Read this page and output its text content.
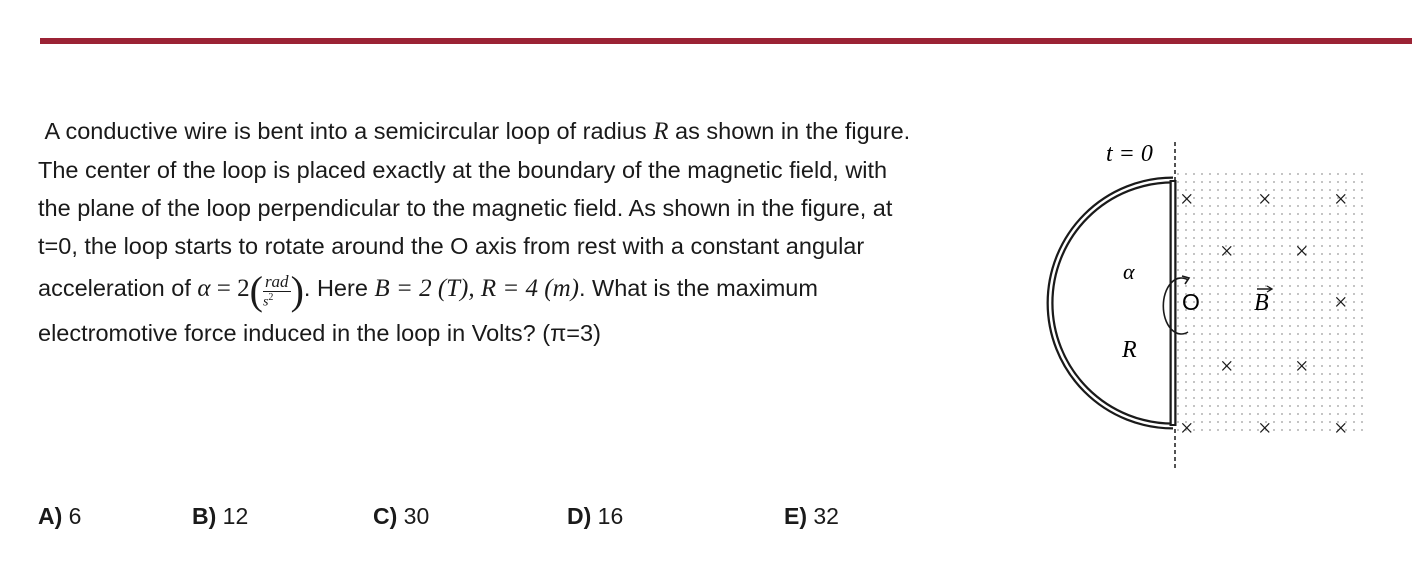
A conductive wire is bent into a semicircular loop of radius R as shown in the figure.

The center of the loop is placed exactly at the boundary of the magnetic field, with

the plane of the loop perpendicular to the magnetic field. As shown in the figure, at

t=0, the loop starts to rotate around the O axis from rest with a constant angular

acceleration of $\alpha = 2( \frac{\text{rad}}{s^2}$ ). Here B = 2 (T), R = 4 (m). What is the maximum

electromotive force induced in the loop in Volts? (π=3)

A) 6	B) 12	C) 30	D) 16	E) 32
t = 0
α
R
O B
×	×	×
×	×
×
×	×
×	×	×
